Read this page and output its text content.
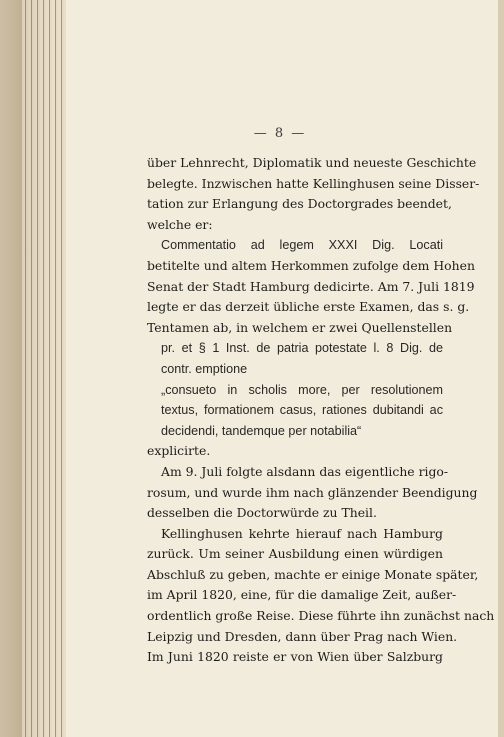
— 8 —
über Lehnrecht, Diplomatik und neueste Geschichte
belegte. Inzwischen hatte Kellinghusen seine Disser-
tation zur Erlangung des Doctorgrades beendet,
welche er:
Commentatio ad legem XXXI Dig. Locati
betitelte und altem Herkommen zufolge dem Hohen
Senat der Stadt Hamburg dedicirte. Am 7. Juli 1819
legte er das derzeit übliche erste Examen, das s. g.
Tentamen ab, in welchem er zwei Quellenstellen
pr. et § 1 Inst. de patria potestate l. 8 Dig. de
contr. emptione
„consueto in scholis more, per resolutionem
textus, formationem casus, rationes dubitandi ac
decidendi, tandemque per notabilia“
explicirte.
Am 9. Juli folgte alsdann das eigentliche rigo-
rosum, und wurde ihm nach glänzender Beendigung
desselben die Doctorwürde zu Theil.
Kellinghusen kehrte hierauf nach Hamburg
zurück. Um seiner Ausbildung einen würdigen
Abschluß zu geben, machte er einige Monate später,
im April 1820, eine, für die damalige Zeit, außer-
ordentlich große Reise. Diese führte ihn zunächst nach
Leipzig und Dresden, dann über Prag nach Wien.
Im Juni 1820 reiste er von Wien über Salzburg
